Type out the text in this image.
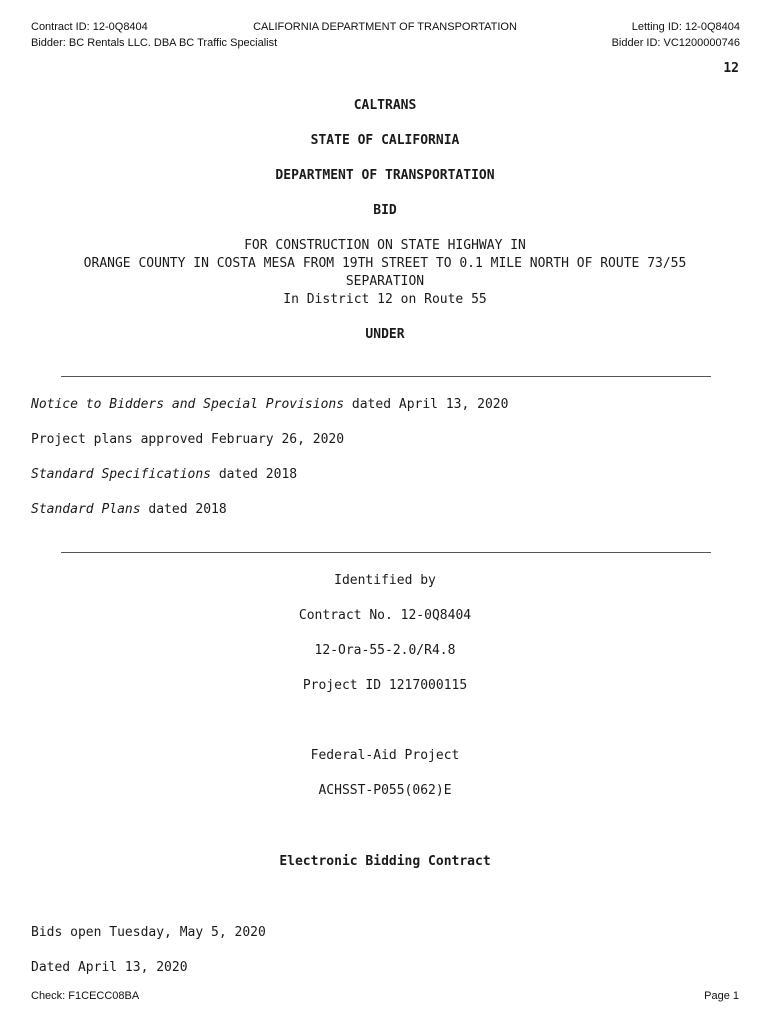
CALIFORNIA DEPARTMENT OF TRANSPORTATION
Contract ID: 12-0Q8404
Bidder: BC Rentals LLC. DBA BC Traffic Specialist
Letting ID: 12-0Q8404
Bidder ID: VC1200000746
12
CALTRANS
STATE OF CALIFORNIA
DEPARTMENT OF TRANSPORTATION
BID
FOR CONSTRUCTION ON STATE HIGHWAY IN
ORANGE COUNTY IN COSTA MESA FROM 19TH STREET TO 0.1 MILE NORTH OF ROUTE 73/55
SEPARATION
In District 12 on Route 55
UNDER
Notice to Bidders and Special Provisions dated April 13, 2020
Project plans approved February 26, 2020
Standard Specifications dated 2018
Standard Plans dated 2018
Identified by
Contract No. 12-0Q8404
12-Ora-55-2.0/R4.8
Project ID 1217000115
Federal-Aid Project
ACHSST-P055(062)E
Electronic Bidding Contract
Bids open Tuesday, May 5, 2020
Dated April 13, 2020
Check: F1CECC08BA	Page 1
